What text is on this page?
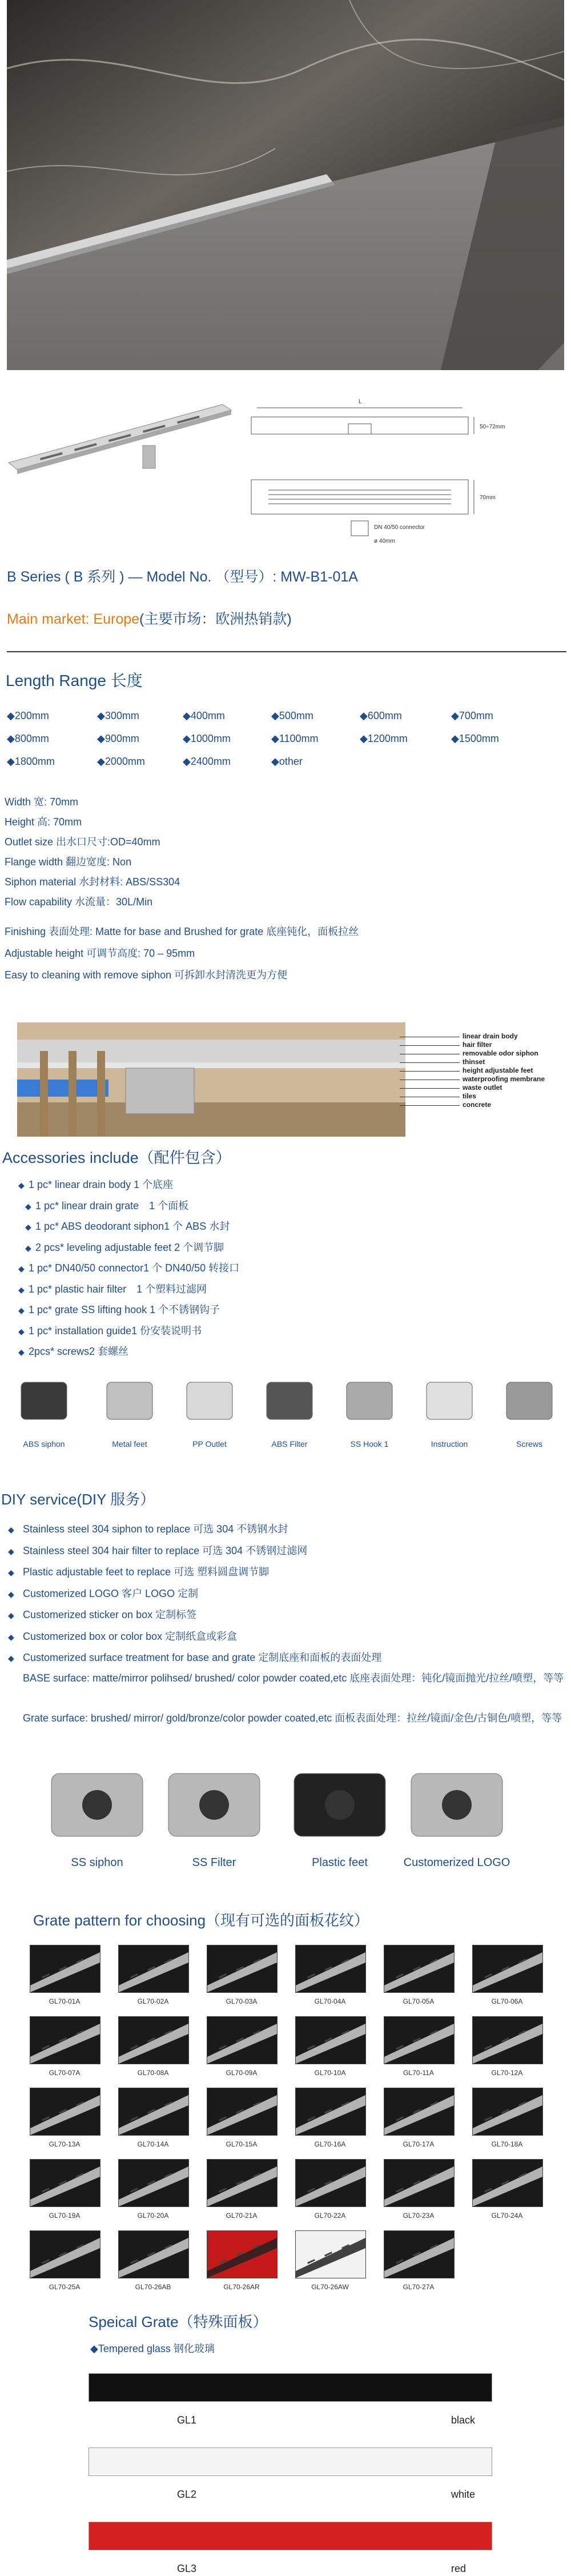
L
50÷72mm
70mm
ø 40mm
DN 40/50 connector
B Series ( B 系列 ) — Model No. （型号）: MW-B1-01A
Main market: Europe(主要市场：欧洲热销款)
Length Range 长度
◆200mm	◆300mm	◆400mm	◆500mm	◆600mm	◆700mm
◆800mm	◆900mm	◆1000mm	◆1100mm	◆1200mm	◆1500mm
◆1800mm	◆2000mm	◆2400mm	◆other
Width 宽: 70mm
Height 高: 70mm
Outlet size 出水口尺寸:OD=40mm
Flange width 翻边宽度: Non
Siphon material 水封材料: ABS/SS304
Flow capability 水流量：30L/Min
Finishing 表面处理: Matte for base and Brushed for grate 底座钝化，面板拉丝
Adjustable height 可调节高度: 70 – 95mm
Easy to cleaning with remove siphon 可拆卸水封清洗更为方便
linear drain body
hair filter
removable odor siphon
thinset
height adjustable feet
waterproofing membrane
waste outlet
tiles
concrete
Accessories include（配件包含）
◆ 1 pc* linear drain body 1 个底座
◆ 1 pc* linear drain grate　1 个面板
◆ 1 pc* ABS deodorant siphon1 个 ABS 水封
◆ 2 pcs* leveling adjustable feet 2 个调节脚
◆ 1 pc* DN40/50 connector1 个 DN40/50 转接口
◆ 1 pc* plastic hair filter　1 个塑料过滤网
◆ 1 pc* grate SS lifting hook 1 个不锈钢钩子
◆ 1 pc* installation guide1 份安装说明书
◆ 2pcs* screws2 套螺丝
ABS siphon	Metal feet	PP Outlet	ABS Filter	SS Hook 1	Instruction	Screws
DIY service(DIY 服务）
◆ Stainless steel 304 siphon to replace 可选 304 不锈钢水封
◆ Stainless steel 304 hair filter to replace 可选 304 不锈钢过滤网
◆ Plastic adjustable feet to replace 可选 塑料圆盘调节脚
◆ Customerized LOGO 客户 LOGO 定制
◆ Customerized sticker on box 定制标签
◆ Customerized box or color box 定制纸盒或彩盒
◆ Customerized surface treatment for base and grate 定制底座和面板的表面处理
BASE surface: matte/mirror polihsed/ brushed/ color powder coated,etc 底座表面处理：钝化/镜面抛光/拉丝/喷塑，等等
Grate surface: brushed/ mirror/ gold/bronze/color powder coated,etc 面板表面处理：拉丝/镜面/金色/古铜色/喷塑，等等
SS siphon	SS Filter	Plastic feet	Customerized LOGO
Grate pattern for choosing（现有可选的面板花纹）
GL70-01A	GL70-02A	GL70-03A	GL70-04A	GL70-05A	GL70-06A
GL70-07A	GL70-08A	GL70-09A	GL70-10A	GL70-11A	GL70-12A
GL70-13A	GL70-14A	GL70-15A	GL70-16A	GL70-17A	GL70-18A
GL70-19A	GL70-20A	GL70-21A	GL70-22A	GL70-23A	GL70-24A
GL70-25A	GL70-26AB	GL70-26AR	GL70-26AW	GL70-27A
Speical Grate（特殊面板）
◆Tempered glass 钢化玻璃
GL1	black
GL2	white
GL3	red
